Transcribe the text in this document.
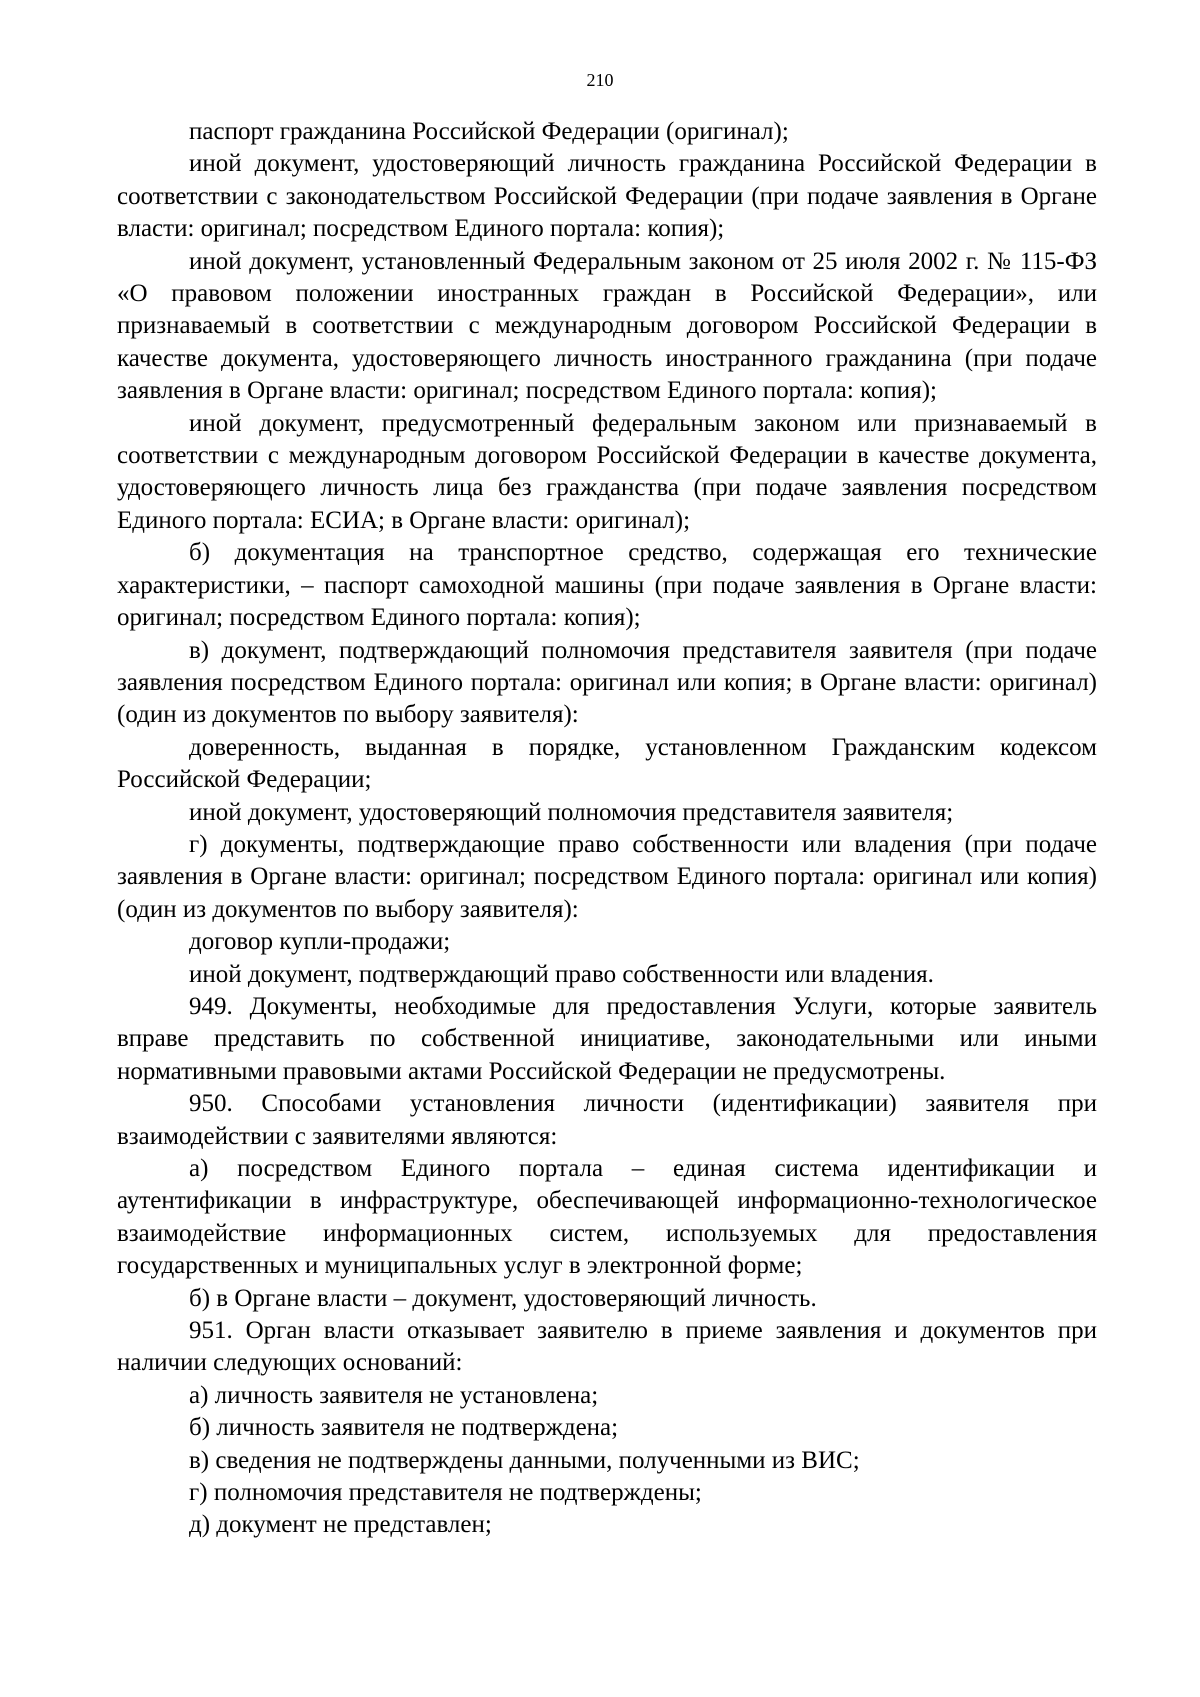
210

паспорт гражданина Российской Федерации (оригинал);

иной документ, удостоверяющий личность гражданина Российской Федерации в соответствии с законодательством Российской Федерации (при подаче заявления в Органе власти: оригинал; посредством Единого портала: копия);

иной документ, установленный Федеральным законом от 25 июля 2002 г. № 115-ФЗ «О правовом положении иностранных граждан в Российской Федерации», или признаваемый в соответствии с международным договором Российской Федерации в качестве документа, удостоверяющего личность иностранного гражданина (при подаче заявления в Органе власти: оригинал; посредством Единого портала: копия);

иной документ, предусмотренный федеральным законом или признаваемый в соответствии с международным договором Российской Федерации в качестве документа, удостоверяющего личность лица без гражданства (при подаче заявления посредством Единого портала: ЕСИА; в Органе власти: оригинал);

б) документация на транспортное средство, содержащая его технические характеристики, – паспорт самоходной машины (при подаче заявления в Органе власти: оригинал; посредством Единого портала: копия);

в) документ, подтверждающий полномочия представителя заявителя (при подаче заявления посредством Единого портала: оригинал или копия; в Органе власти: оригинал) (один из документов по выбору заявителя):

доверенность, выданная в порядке, установленном Гражданским кодексом Российской Федерации;

иной документ, удостоверяющий полномочия представителя заявителя;

г) документы, подтверждающие право собственности или владения (при подаче заявления в Органе власти: оригинал; посредством Единого портала: оригинал или копия) (один из документов по выбору заявителя):

договор купли-продажи;

иной документ, подтверждающий право собственности или владения.

949. Документы, необходимые для предоставления Услуги, которые заявитель вправе представить по собственной инициативе, законодательными или иными нормативными правовыми актами Российской Федерации не предусмотрены.

950. Способами установления личности (идентификации) заявителя при взаимодействии с заявителями являются:

а) посредством Единого портала – единая система идентификации и аутентификации в инфраструктуре, обеспечивающей информационно-технологическое взаимодействие информационных систем, используемых для предоставления государственных и муниципальных услуг в электронной форме;

б) в Органе власти – документ, удостоверяющий личность.

951. Орган власти отказывает заявителю в приеме заявления и документов при наличии следующих оснований:

а) личность заявителя не установлена;

б) личность заявителя не подтверждена;

в) сведения не подтверждены данными, полученными из ВИС;

г) полномочия представителя не подтверждены;

д) документ не представлен;
